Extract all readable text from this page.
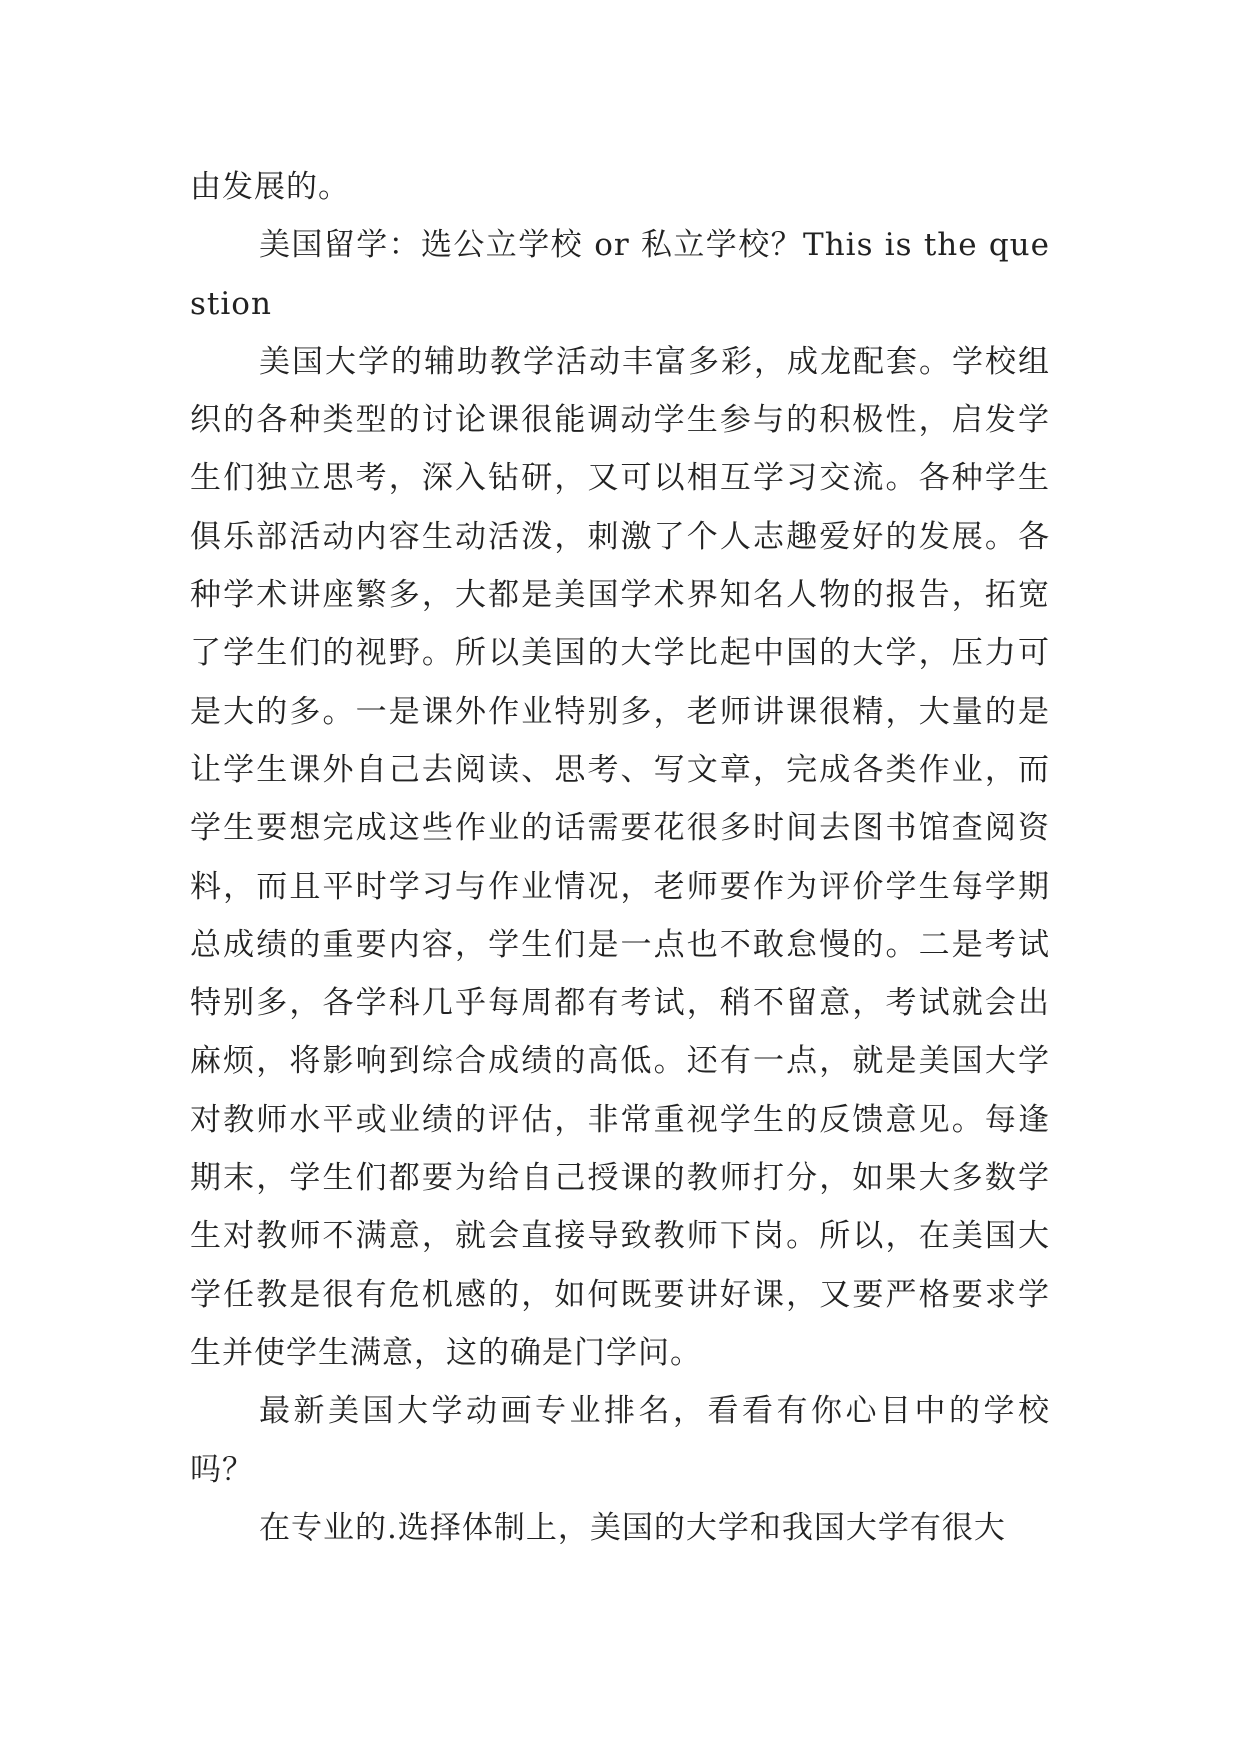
由发展的。

美国留学：选公立学校 or 私立学校？This is the question

美国大学的辅助教学活动丰富多彩，成龙配套。学校组织的各种类型的讨论课很能调动学生参与的积极性，启发学生们独立思考，深入钻研，又可以相互学习交流。各种学生俱乐部活动内容生动活泼，刺激了个人志趣爱好的发展。各种学术讲座繁多，大都是美国学术界知名人物的报告，拓宽了学生们的视野。所以美国的大学比起中国的大学，压力可是大的多。一是课外作业特别多，老师讲课很精，大量的是让学生课外自己去阅读、思考、写文章，完成各类作业，而学生要想完成这些作业的话需要花很多时间去图书馆查阅资料，而且平时学习与作业情况，老师要作为评价学生每学期总成绩的重要内容，学生们是一点也不敢怠慢的。二是考试特别多，各学科几乎每周都有考试，稍不留意，考试就会出麻烦，将影响到综合成绩的高低。还有一点，就是美国大学对教师水平或业绩的评估，非常重视学生的反馈意见。每逢期末，学生们都要为给自己授课的教师打分，如果大多数学生对教师不满意，就会直接导致教师下岗。所以，在美国大学任教是很有危机感的，如何既要讲好课，又要严格要求学生并使学生满意，这的确是门学问。

最新美国大学动画专业排名，看看有你心目中的学校吗？

在专业的.选择体制上，美国的大学和我国大学有很大
